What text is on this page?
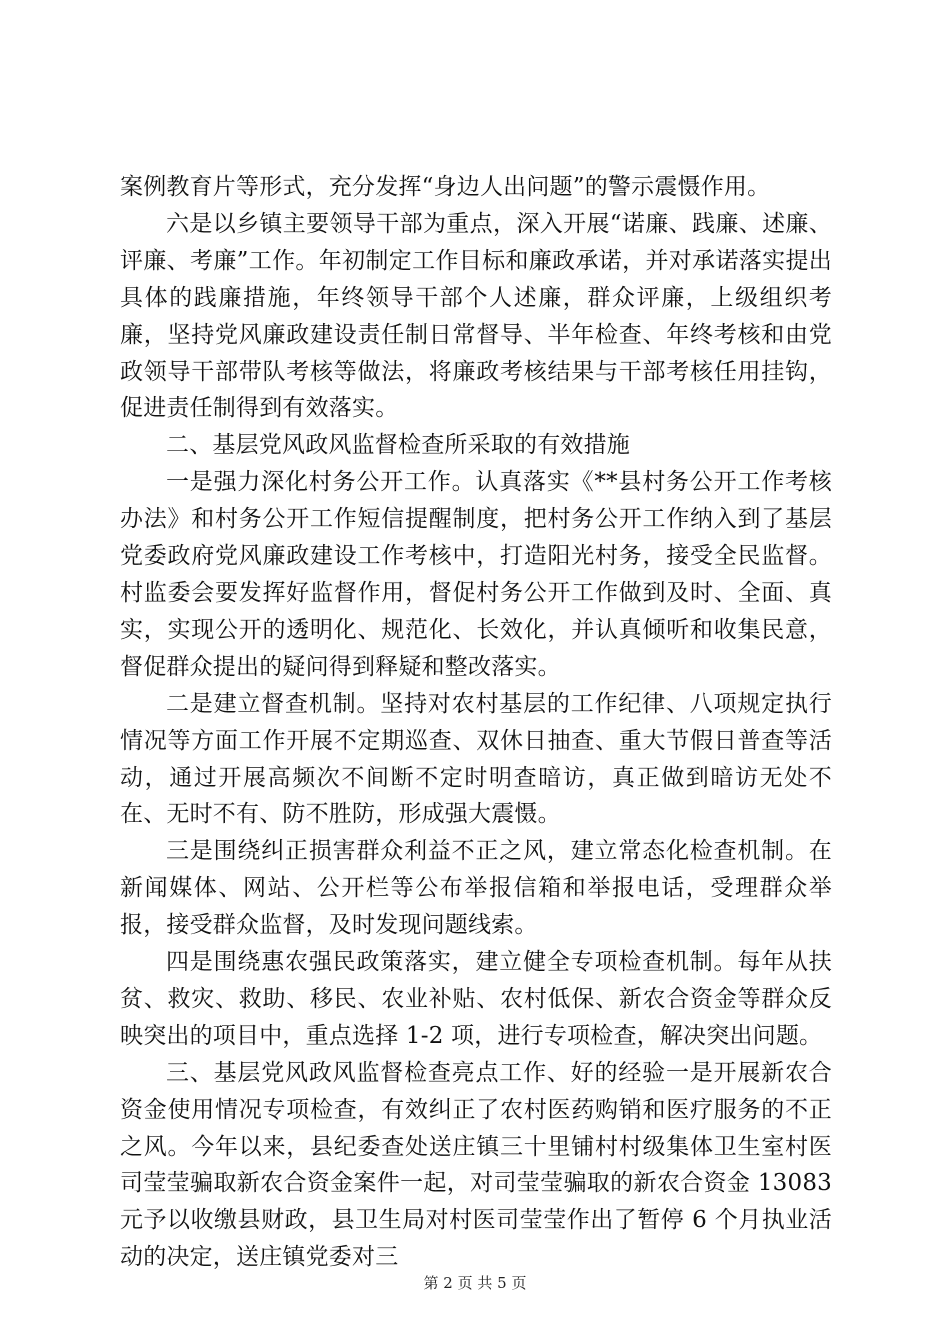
案例教育片等形式，充分发挥“身边人出问题”的警示震慑作用。

六是以乡镇主要领导干部为重点，深入开展“诺廉、践廉、述廉、评廉、考廉”工作。年初制定工作目标和廉政承诺，并对承诺落实提出具体的践廉措施，年终领导干部个人述廉，群众评廉，上级组织考廉，坚持党风廉政建设责任制日常督导、半年检查、年终考核和由党政领导干部带队考核等做法，将廉政考核结果与干部考核任用挂钩，促进责任制得到有效落实。

二、基层党风政风监督检查所采取的有效措施

一是强力深化村务公开工作。认真落实《**县村务公开工作考核办法》和村务公开工作短信提醒制度，把村务公开工作纳入到了基层党委政府党风廉政建设工作考核中，打造阳光村务，接受全民监督。村监委会要发挥好监督作用，督促村务公开工作做到及时、全面、真实，实现公开的透明化、规范化、长效化，并认真倾听和收集民意，督促群众提出的疑问得到释疑和整改落实。

二是建立督查机制。坚持对农村基层的工作纪律、八项规定执行情况等方面工作开展不定期巡查、双休日抽查、重大节假日普查等活动，通过开展高频次不间断不定时明查暗访，真正做到暗访无处不在、无时不有、防不胜防，形成强大震慑。

三是围绕纠正损害群众利益不正之风，建立常态化检查机制。在新闻媒体、网站、公开栏等公布举报信箱和举报电话，受理群众举报，接受群众监督，及时发现问题线索。

四是围绕惠农强民政策落实，建立健全专项检查机制。每年从扶贫、救灾、救助、移民、农业补贴、农村低保、新农合资金等群众反映突出的项目中，重点选择 1-2 项，进行专项检查，解决突出问题。

三、基层党风政风监督检查亮点工作、好的经验一是开展新农合资金使用情况专项检查，有效纠正了农村医药购销和医疗服务的不正之风。今年以来，县纪委查处送庄镇三十里铺村村级集体卫生室村医司莹莹骗取新农合资金案件一起，对司莹莹骗取的新农合资金 13083 元予以收缴县财政，县卫生局对村医司莹莹作出了暂停 6 个月执业活动的决定，送庄镇党委对三

第 2 页 共 5 页
